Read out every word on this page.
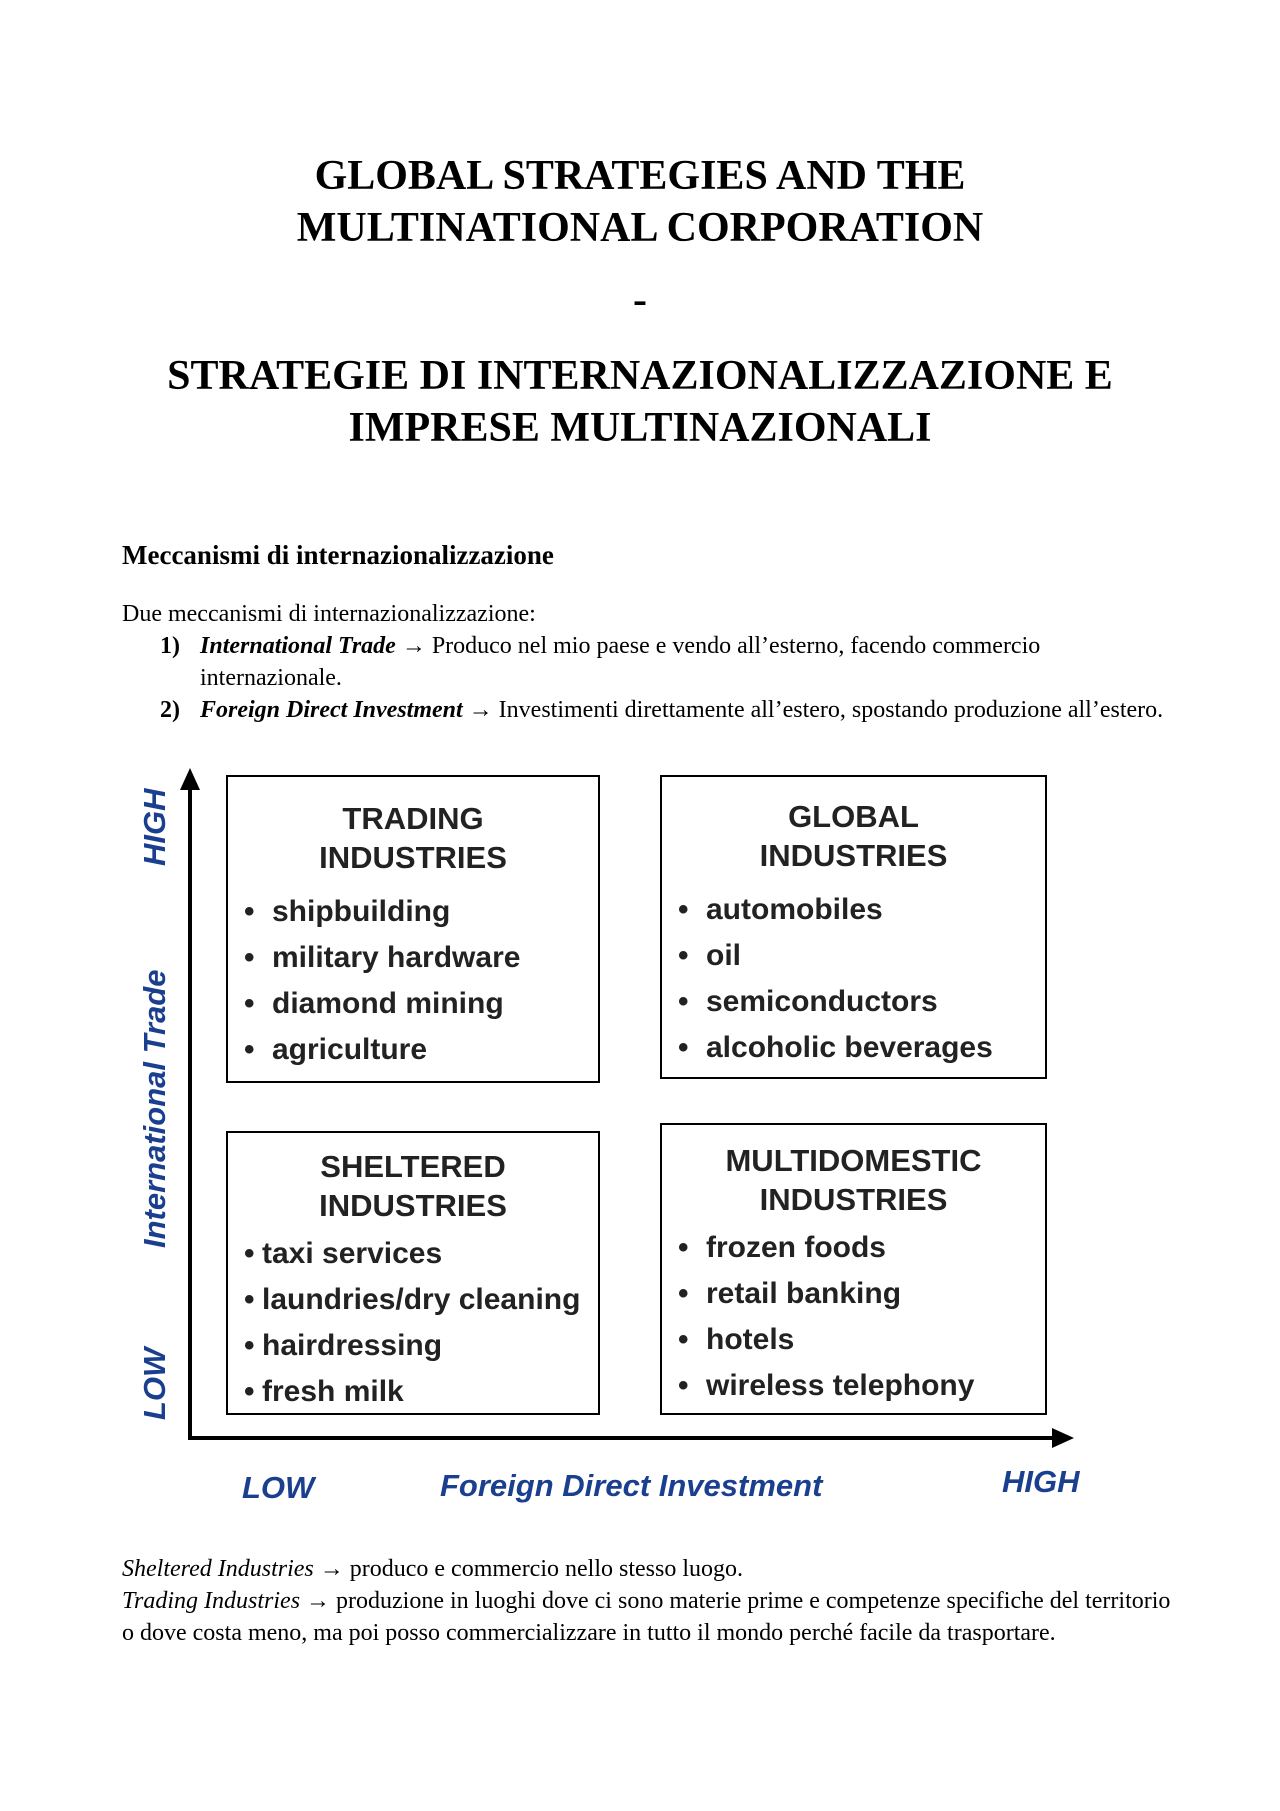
GLOBAL STRATEGIES AND THE
MULTINATIONAL CORPORATION
-
STRATEGIE DI INTERNAZIONALIZZAZIONE E
IMPRESE MULTINAZIONALI
Meccanismi di internazionalizzazione
Due meccanismi di internazionalizzazione:
1) International Trade → Produco nel mio paese e vendo all’esterno, facendo commercio internazionale.
2) Foreign Direct Investment → Investimenti direttamente all’estero, spostando produzione all’estero.
HIGH
International Trade
LOW
LOW	Foreign Direct Investment	HIGH
TRADING
INDUSTRIES
• shipbuilding
• military hardware
• diamond mining
• agriculture
GLOBAL
INDUSTRIES
• automobiles
• oil
• semiconductors
• alcoholic beverages
SHELTERED
INDUSTRIES
• taxi services
• laundries/dry cleaning
• hairdressing
• fresh milk
MULTIDOMESTIC
INDUSTRIES
• frozen foods
• retail banking
• hotels
• wireless telephony
Sheltered Industries → produco e commercio nello stesso luogo.
Trading Industries → produzione in luoghi dove ci sono materie prime e competenze specifiche del territorio o dove costa meno, ma poi posso commercializzare in tutto il mondo perché facile da trasportare.
